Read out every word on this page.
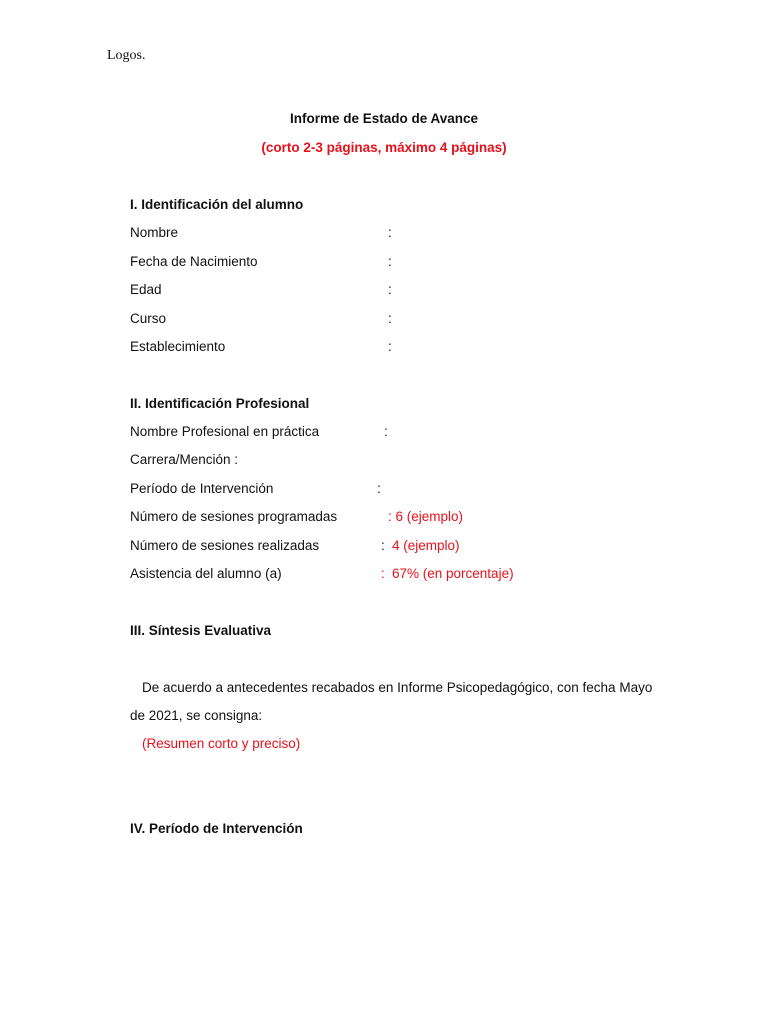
Logos.
Informe de Estado de Avance
(corto 2-3 páginas, máximo 4 páginas)
I. Identificación del alumno
Nombre	:
Fecha de Nacimiento	:
Edad	:
Curso	:
Establecimiento	:
II. Identificación Profesional
Nombre Profesional en práctica	:
Carrera/Mención :
Período de Intervención	:
Número de sesiones programadas	: 6 (ejemplo)
Número de sesiones realizadas	: 4 (ejemplo)
Asistencia del alumno (a)	: 67% (en porcentaje)
III. Síntesis Evaluativa
De acuerdo a antecedentes recabados en Informe Psicopedagógico, con fecha Mayo
de 2021, se consigna:
(Resumen corto y preciso)
IV. Período de Intervención
